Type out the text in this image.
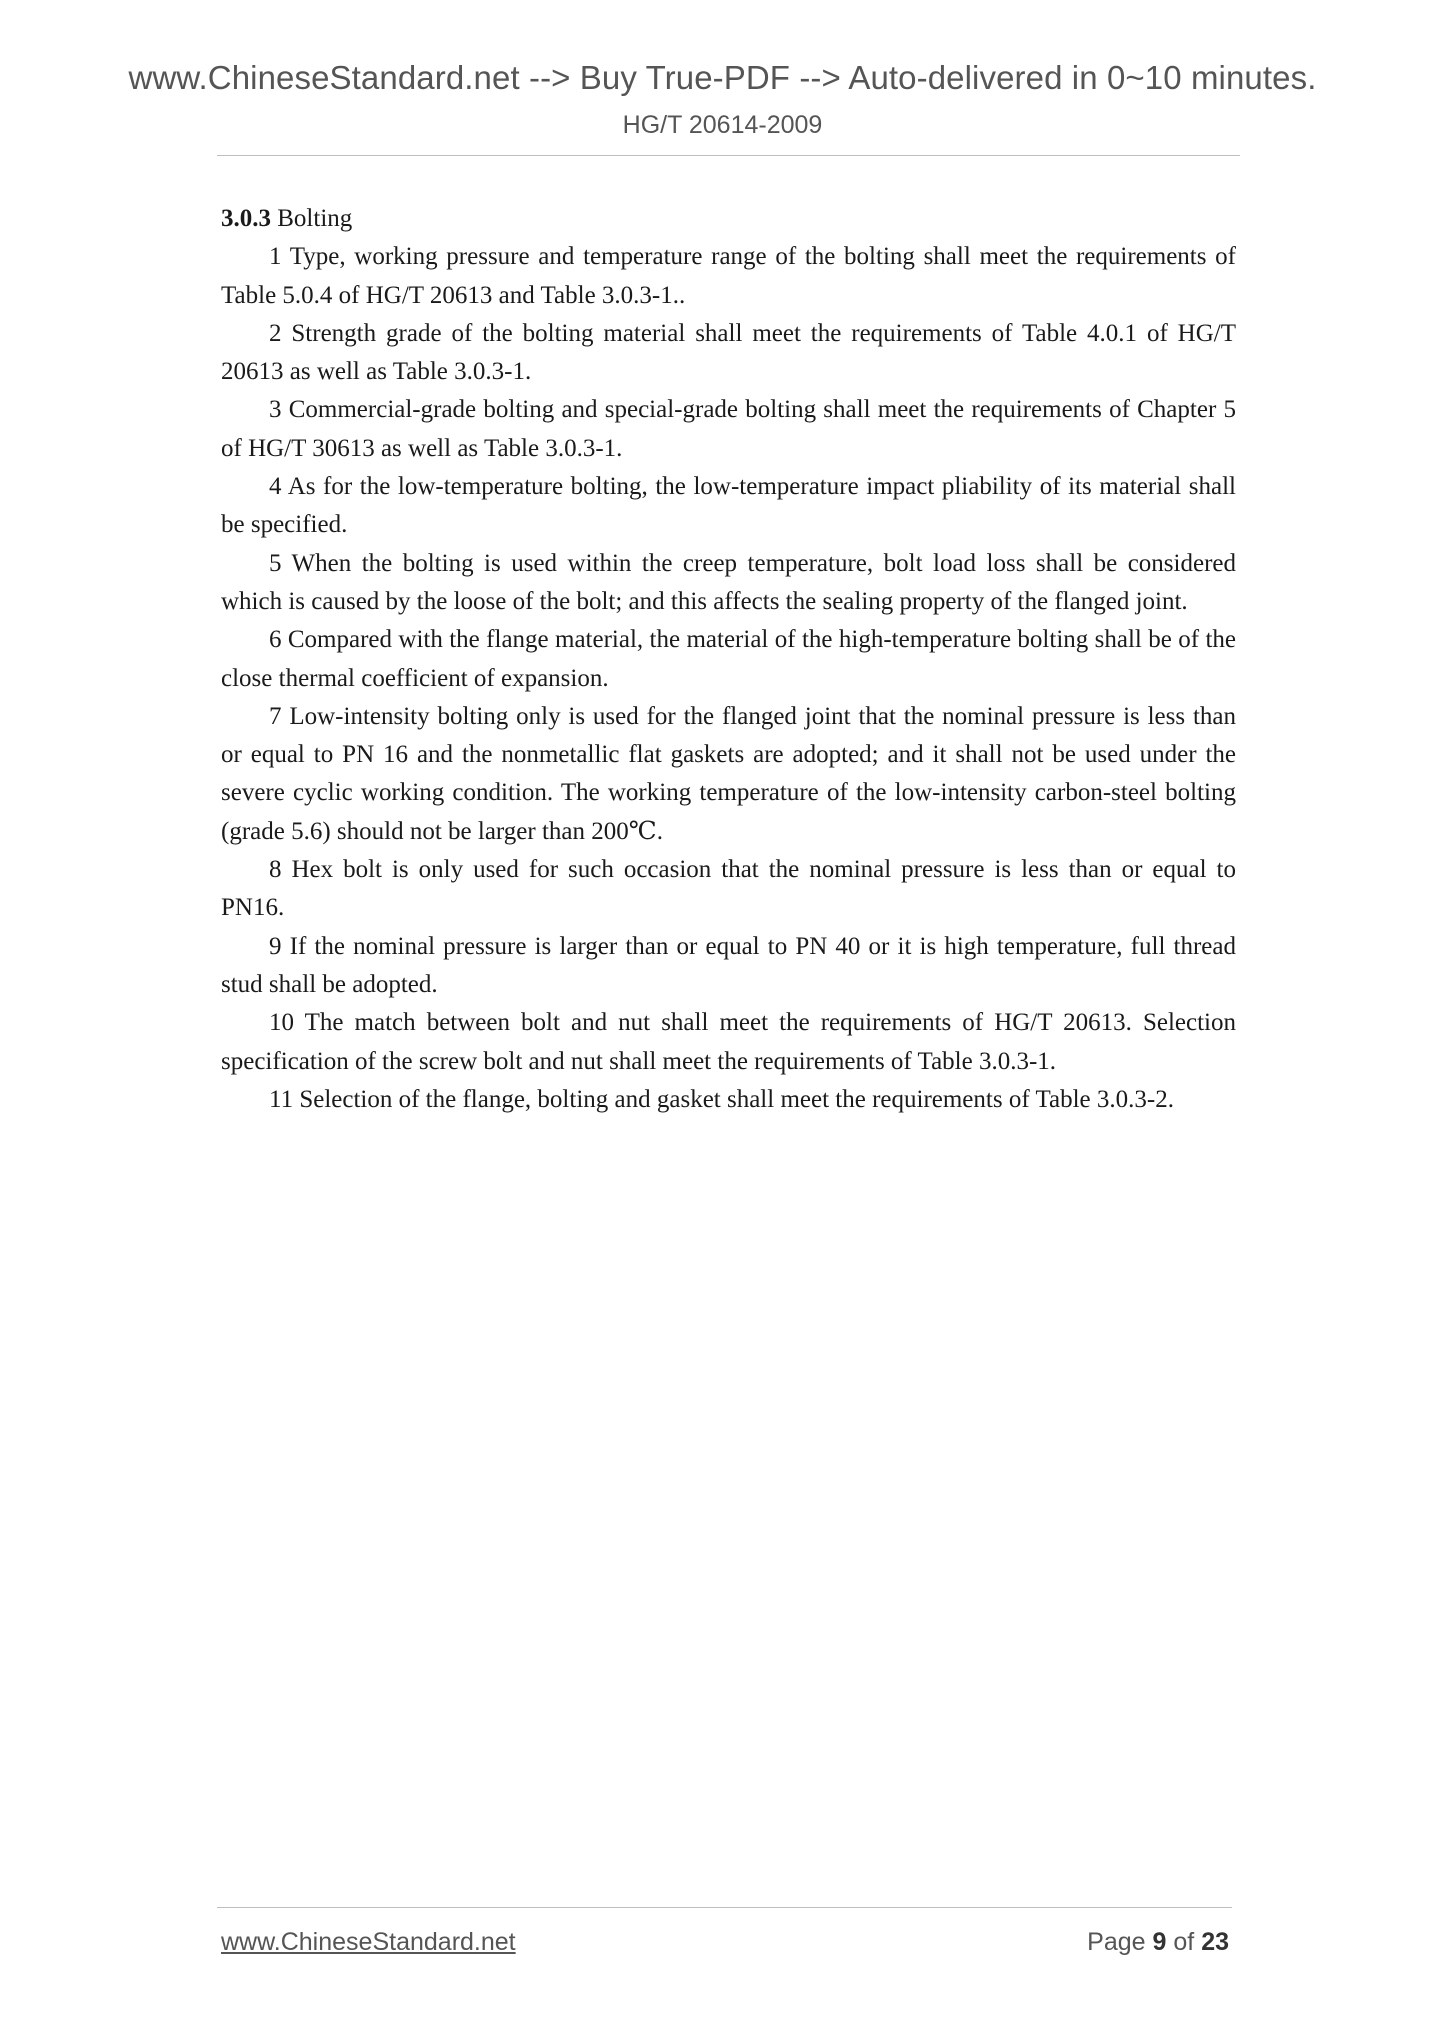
www.ChineseStandard.net --> Buy True-PDF --> Auto-delivered in 0~10 minutes.
HG/T 20614-2009

3.0.3 Bolting

1 Type, working pressure and temperature range of the bolting shall meet the requirements of Table 5.0.4 of HG/T 20613 and Table 3.0.3-1..

2 Strength grade of the bolting material shall meet the requirements of Table 4.0.1 of HG/T 20613 as well as Table 3.0.3-1.

3 Commercial-grade bolting and special-grade bolting shall meet the requirements of Chapter 5 of HG/T 30613 as well as Table 3.0.3-1.

4 As for the low-temperature bolting, the low-temperature impact pliability of its material shall be specified.

5 When the bolting is used within the creep temperature, bolt load loss shall be considered which is caused by the loose of the bolt; and this affects the sealing property of the flanged joint.

6 Compared with the flange material, the material of the high-temperature bolting shall be of the close thermal coefficient of expansion.

7 Low-intensity bolting only is used for the flanged joint that the nominal pressure is less than or equal to PN 16 and the nonmetallic flat gaskets are adopted; and it shall not be used under the severe cyclic working condition. The working temperature of the low-intensity carbon-steel bolting (grade 5.6) should not be larger than 200℃.

8 Hex bolt is only used for such occasion that the nominal pressure is less than or equal to PN16.

9 If the nominal pressure is larger than or equal to PN 40 or it is high temperature, full thread stud shall be adopted.

10 The match between bolt and nut shall meet the requirements of HG/T 20613. Selection specification of the screw bolt and nut shall meet the requirements of Table 3.0.3-1.

11 Selection of the flange, bolting and gasket shall meet the requirements of Table 3.0.3-2.

www.ChineseStandard.net	Page 9 of 23
